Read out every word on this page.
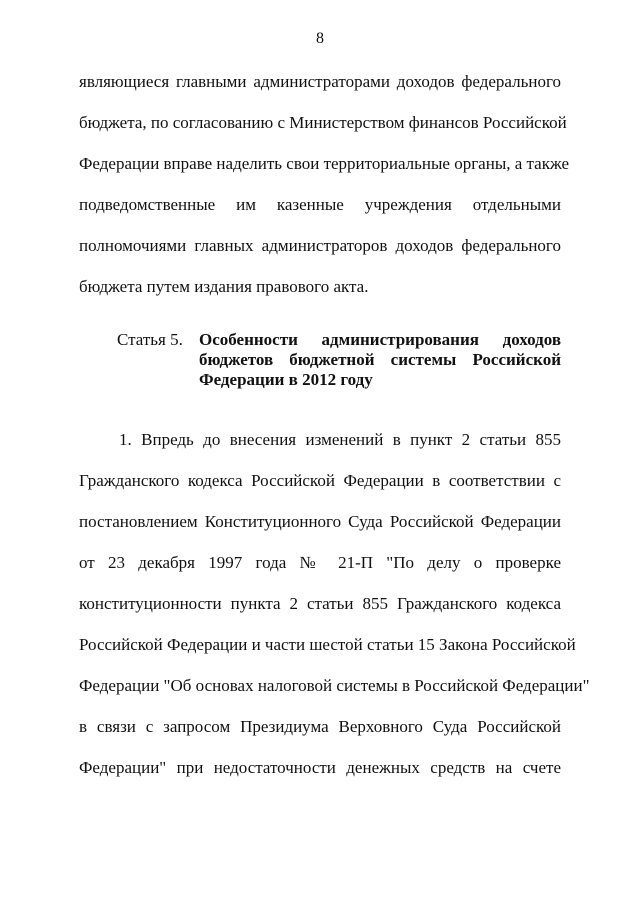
8
являющиеся главными администраторами доходов федерального
бюджета, по согласованию с Министерством финансов Российской
Федерации вправе наделить свои территориальные органы, а также
подведомственные им казенные учреждения отдельными
полномочиями главных администраторов доходов федерального
бюджета путем издания правового акта.
Статья 5. Особенности администрирования доходов
бюджетов бюджетной системы Российской
Федерации в 2012 году
1. Впредь до внесения изменений в пункт 2 статьи 855
Гражданского кодекса Российской Федерации в соответствии с
постановлением Конституционного Суда Российской Федерации
от 23 декабря 1997 года № 21-П "По делу о проверке
конституционности пункта 2 статьи 855 Гражданского кодекса
Российской Федерации и части шестой статьи 15 Закона Российской
Федерации "Об основах налоговой системы в Российской Федерации"
в связи с запросом Президиума Верховного Суда Российской
Федерации" при недостаточности денежных средств на счете
